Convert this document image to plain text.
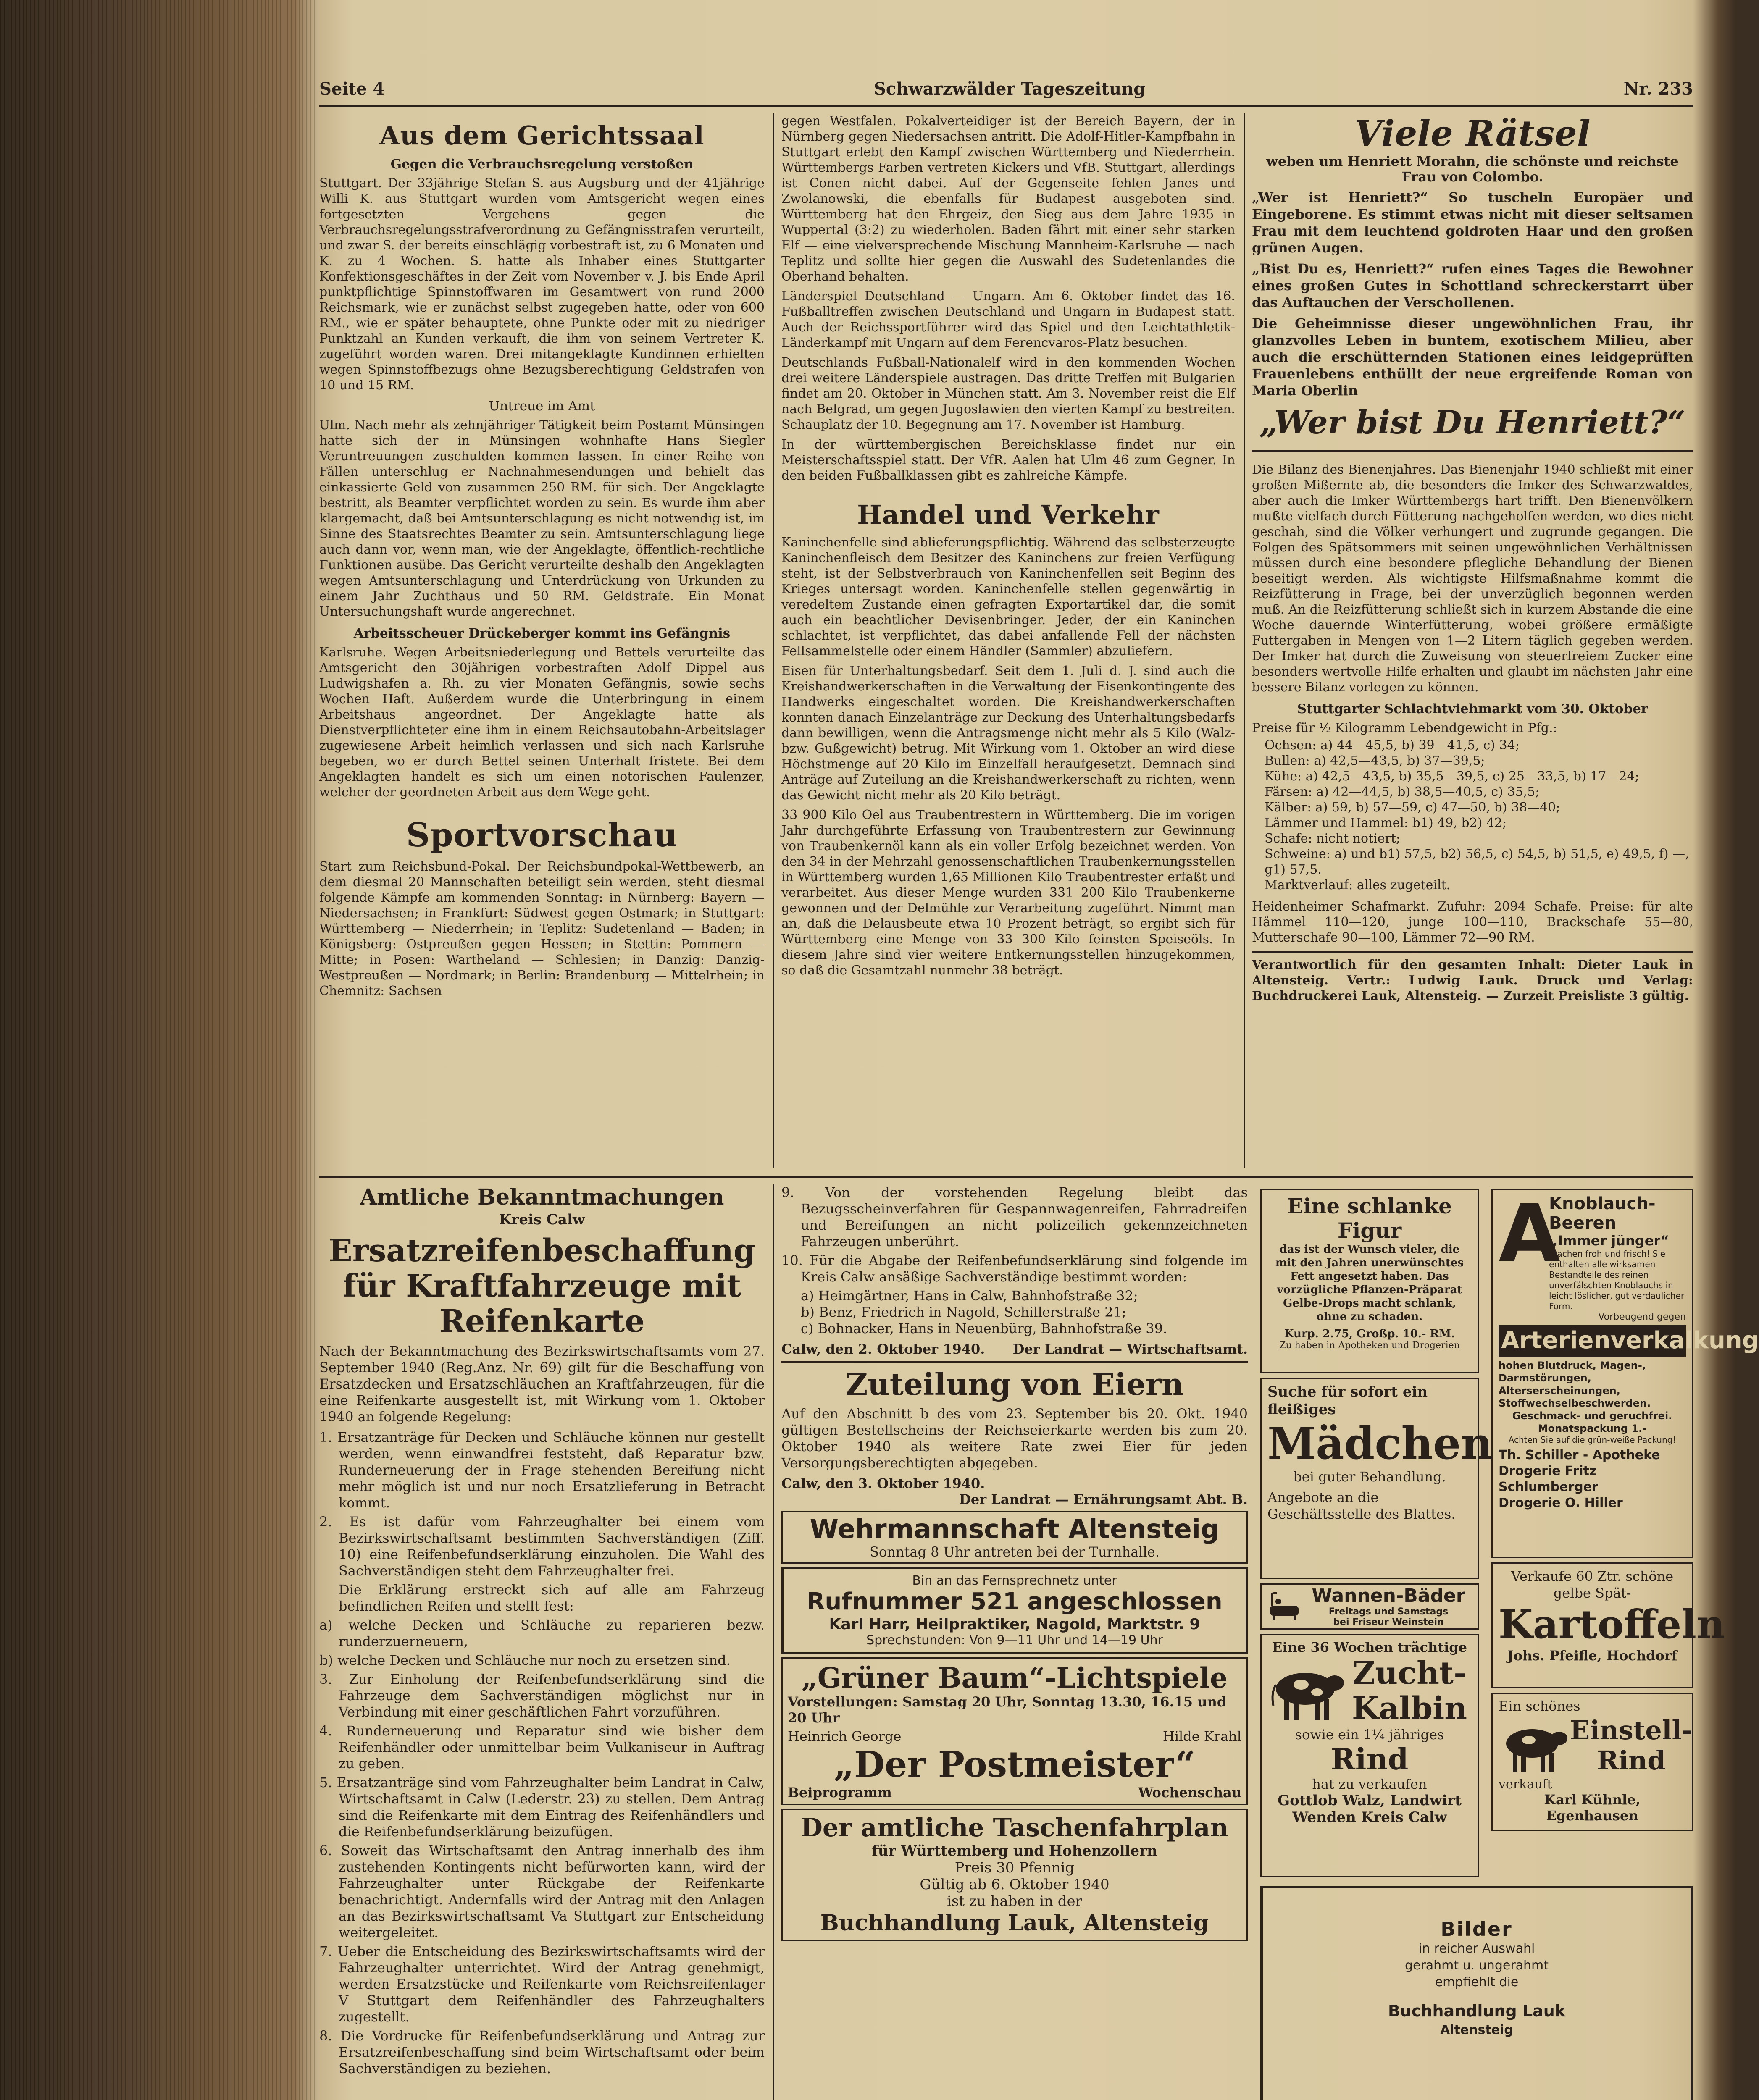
Seite 4	Schwarzwälder Tageszeitung	Nr. 233
Aus dem Gerichtssaal
Gegen die Verbrauchsregelung verstoßen

Stuttgart. Der 33jährige Stefan S. aus Augsburg und der 41jährige Willi K. aus Stuttgart wurden vom Amtsgericht wegen eines fortgesetzten Vergehens gegen die Verbrauchsregelungsstrafverordnung zu Gefängnisstrafen verurteilt, und zwar S. der bereits einschlägig vorbestraft ist, zu 6 Monaten und K. zu 4 Wochen. S. hatte als Inhaber eines Stuttgarter Konfektionsgeschäftes in der Zeit vom November v. J. bis Ende April punktpflichtige Spinnstoffwaren im Gesamtwert von rund 2000 Reichsmark, wie er zunächst selbst zugegeben hatte, oder von 600 RM., wie er später behauptete, ohne Punkte oder mit zu niedriger Punktzahl an Kunden verkauft, die ihm von seinem Vertreter K. zugeführt worden waren. Drei mitangeklagte Kundinnen erhielten wegen Spinnstoffbezugs ohne Bezugsberechtigung Geldstrafen von 10 und 15 RM.

Untreue im Amt

Ulm. Nach mehr als zehnjähriger Tätigkeit beim Postamt Münsingen hatte sich der in Münsingen wohnhafte Hans Siegler Veruntreuungen zuschulden kommen lassen. In einer Reihe von Fällen unterschlug er Nachnahmesendungen und behielt das einkassierte Geld von zusammen 250 RM. für sich. Der Angeklagte bestritt, als Beamter verpflichtet worden zu sein. Es wurde ihm aber klargemacht, daß bei Amtsunterschlagung es nicht notwendig ist, im Sinne des Staatsrechtes Beamter zu sein. Amtsunterschlagung liege auch dann vor, wenn man, wie der Angeklagte, öffentlich-rechtliche Funktionen ausübe. Das Gericht verurteilte deshalb den Angeklagten wegen Amtsunterschlagung und Unterdrückung von Urkunden zu einem Jahr Zuchthaus und 50 RM. Geldstrafe. Ein Monat Untersuchungshaft wurde angerechnet.

Arbeitsscheuer Drückeberger kommt ins Gefängnis

Karlsruhe. Wegen Arbeitsniederlegung und Bettels verurteilte das Amtsgericht den 30jährigen vorbestraften Adolf Dippel aus Ludwigshafen a. Rh. zu vier Monaten Gefängnis, sowie sechs Wochen Haft. Außerdem wurde die Unterbringung in einem Arbeitshaus angeordnet. Der Angeklagte hatte als Dienstverpflichteter eine ihm in einem Reichsautobahn-Arbeitslager zugewiesene Arbeit heimlich verlassen und sich nach Karlsruhe begeben, wo er durch Bettel seinen Unterhalt fristete. Bei dem Angeklagten handelt es sich um einen notorischen Faulenzer, welcher der geordneten Arbeit aus dem Wege geht.

Sportvorschau

Start zum Reichsbund-Pokal. Der Reichsbundpokal-Wettbewerb, an dem diesmal 20 Mannschaften beteiligt sein werden, steht diesmal folgende Kämpfe am kommenden Sonntag: in Nürnberg: Bayern — Niedersachsen; in Frankfurt: Südwest gegen Ostmark; in Stuttgart: Württemberg — Niederrhein; in Teplitz: Sudetenland — Baden; in Königsberg: Ostpreußen gegen Hessen; in Stettin: Pommern — Mitte; in Posen: Wartheland — Schlesien; in Danzig: Danzig-Westpreußen — Nordmark; in Berlin: Brandenburg — Mittelrhein; in Chemnitz: Sachsen

gegen Westfalen. Pokalverteidiger ist der Bereich Bayern, der in Nürnberg gegen Niedersachsen antritt. Die Adolf-Hitler-Kampfbahn in Stuttgart erlebt den Kampf zwischen Württemberg und Niederrhein. Württembergs Farben vertreten Kickers und VfB. Stuttgart, allerdings ist Conen nicht dabei. Auf der Gegenseite fehlen Janes und Zwolanowski, die ebenfalls für Budapest ausgeboten sind. Württemberg hat den Ehrgeiz, den Sieg aus dem Jahre 1935 in Wuppertal (3:2) zu wiederholen. Baden fährt mit einer sehr starken Elf — eine vielversprechende Mischung Mannheim-Karlsruhe — nach Teplitz und sollte hier gegen die Auswahl des Sudetenlandes die Oberhand behalten.

Länderspiel Deutschland — Ungarn. Am 6. Oktober findet das 16. Fußballtreffen zwischen Deutschland und Ungarn in Budapest statt. Auch der Reichssportführer wird das Spiel und den Leichtathletik-Länderkampf mit Ungarn auf dem Ferencvaros-Platz besuchen.

Deutschlands Fußball-Nationalelf wird in den kommenden Wochen drei weitere Länderspiele austragen. Das dritte Treffen mit Bulgarien findet am 20. Oktober in München statt. Am 3. November reist die Elf nach Belgrad, um gegen Jugoslawien den vierten Kampf zu bestreiten. Schauplatz der 10. Begegnung am 17. November ist Hamburg.

In der württembergischen Bereichsklasse findet nur ein Meisterschaftsspiel statt. Der VfR. Aalen hat Ulm 46 zum Gegner. In den beiden Fußballklassen gibt es zahlreiche Kämpfe.

Handel und Verkehr

Kaninchenfelle sind ablieferungspflichtig. Während das selbsterzeugte Kaninchenfleisch dem Besitzer des Kaninchens zur freien Verfügung steht, ist der Selbstverbrauch von Kaninchenfellen seit Beginn des Krieges untersagt worden. Kaninchenfelle stellen gegenwärtig in veredeltem Zustande einen gefragten Exportartikel dar, die somit auch ein beachtlicher Devisenbringer. Jeder, der ein Kaninchen schlachtet, ist verpflichtet, das dabei anfallende Fell der nächsten Fellsammelstelle oder einem Händler (Sammler) abzuliefern.

Eisen für Unterhaltungsbedarf. Seit dem 1. Juli d. J. sind auch die Kreishandwerkerschaften in die Verwaltung der Eisenkontingente des Handwerks eingeschaltet worden. Die Kreishandwerkerschaften konnten danach Einzelanträge zur Deckung des Unterhaltungsbedarfs dann bewilligen, wenn die Antragsmenge nicht mehr als 5 Kilo (Walz- bzw. Gußgewicht) betrug. Mit Wirkung vom 1. Oktober an wird diese Höchstmenge auf 20 Kilo im Einzelfall heraufgesetzt. Demnach sind Anträge auf Zuteilung an die Kreishandwerkerschaft zu richten, wenn das Gewicht nicht mehr als 20 Kilo beträgt.

33 900 Kilo Oel aus Traubentrestern in Württemberg. Die im vorigen Jahr durchgeführte Erfassung von Traubentrestern zur Gewinnung von Traubenkernöl kann als ein voller Erfolg bezeichnet werden. Von den 34 in der Mehrzahl genossenschaftlichen Traubenkernungsstellen in Württemberg wurden 1,65 Millionen Kilo Traubentrester erfaßt und verarbeitet. Aus dieser Menge wurden 331 200 Kilo Traubenkerne gewonnen und der Delmühle zur Verarbeitung zugeführt. Nimmt man an, daß die Delausbeute etwa 10 Prozent beträgt, so ergibt sich für Württemberg eine Menge von 33 300 Kilo feinsten Speiseöls. In diesem Jahre sind vier weitere Entkernungsstellen hinzugekommen, so daß die Gesamtzahl nunmehr 38 beträgt.

Viele Rätsel

weben um Henriett Morahn, die schönste und reichste Frau von Colombo.

„Wer ist Henriett?“ So tuscheln Europäer und Eingeborene. Es stimmt etwas nicht mit dieser seltsamen Frau mit dem leuchtend goldroten Haar und den großen grünen Augen.

„Bist Du es, Henriett?“ rufen eines Tages die Bewohner eines großen Gutes in Schottland schreckerstarrt über das Auftauchen der Verschollenen.

Die Geheimnisse dieser ungewöhnlichen Frau, ihr glanzvolles Leben in buntem, exotischem Milieu, aber auch die erschütternden Stationen eines leidgeprüften Frauenlebens enthüllt der neue ergreifende Roman von Maria Oberlin

„Wer bist Du Henriett?“

Die Bilanz des Bienenjahres. Das Bienenjahr 1940 schließt mit einer großen Mißernte ab, die besonders die Imker des Schwarzwaldes, aber auch die Imker Württembergs hart trifft. Den Bienenvölkern mußte vielfach durch Fütterung nachgeholfen werden, wo dies nicht geschah, sind die Völker verhungert und zugrunde gegangen. Die Folgen des Spätsommers mit seinen ungewöhnlichen Verhältnissen müssen durch eine besondere pflegliche Behandlung der Bienen beseitigt werden. Als wichtigste Hilfsmaßnahme kommt die Reizfütterung in Frage, bei der unverzüglich begonnen werden muß. An die Reizfütterung schließt sich in kurzem Abstande die eine Woche dauernde Winterfütterung, wobei größere ermäßigte Futtergaben in Mengen von 1—2 Litern täglich gegeben werden. Der Imker hat durch die Zuweisung von steuerfreiem Zucker eine besonders wertvolle Hilfe erhalten und glaubt im nächsten Jahr eine bessere Bilanz vorlegen zu können.

Stuttgarter Schlachtviehmarkt vom 30. Oktober

Preise für ½ Kilogramm Lebendgewicht in Pfg.:

Ochsen: a) 44—45,5, b) 39—41,5, c) 34;
Bullen: a) 42,5—43,5, b) 37—39,5;
Kühe: a) 42,5—43,5, b) 35,5—39,5, c) 25—33,5, b) 17—24;
Färsen: a) 42—44,5, b) 38,5—40,5, c) 35,5;
Kälber: a) 59, b) 57—59, c) 47—50, b) 38—40;
Lämmer und Hammel: b1) 49, b2) 42;
Schafe: nicht notiert;
Schweine: a) und b1) 57,5, b2) 56,5, c) 54,5, b) 51,5, e) 49,5, f) —, g1) 57,5.
Marktverlauf: alles zugeteilt.

Heidenheimer Schafmarkt. Zufuhr: 2094 Schafe. Preise: für alte Hämmel 110—120, junge 100—110, Brackschafe 55—80, Mutterschafe 90—100, Lämmer 72—90 RM.

Verantwortlich für den gesamten Inhalt: Dieter Lauk in Altensteig. Vertr.: Ludwig Lauk. Druck und Verlag: Buchdruckerei Lauk, Altensteig. — Zurzeit Preisliste 3 gültig.

Amtliche Bekanntmachungen
Kreis Calw
Ersatzreifenbeschaffung für Kraftfahrzeuge mit Reifenkarte

Nach der Bekanntmachung des Bezirkswirtschaftsamts vom 27. September 1940 (Reg.Anz. Nr. 69) gilt für die Beschaffung von Ersatzdecken und Ersatzschläuchen an Kraftfahrzeugen, für die eine Reifenkarte ausgestellt ist, mit Wirkung vom 1. Oktober 1940 an folgende Regelung:

1. Ersatzanträge für Decken und Schläuche können nur gestellt werden, wenn einwandfrei feststeht, daß Reparatur bzw. Runderneuerung der in Frage stehenden Bereifung nicht mehr möglich ist und nur noch Ersatzlieferung in Betracht kommt.
2. Es ist dafür vom Fahrzeughalter bei einem vom Bezirkswirtschaftsamt bestimmten Sachverständigen (Ziff. 10) eine Reifenbefundserklärung einzuholen. Die Wahl des Sachverständigen steht dem Fahrzeughalter frei.
Die Erklärung erstreckt sich auf alle am Fahrzeug befindlichen Reifen und stellt fest:
a) welche Decken und Schläuche zu reparieren bezw. runderzuerneuern,
b) welche Decken und Schläuche nur noch zu ersetzen sind.
3. Zur Einholung der Reifenbefundserklärung sind die Fahrzeuge dem Sachverständigen möglichst nur in Verbindung mit einer geschäftlichen Fahrt vorzuführen.
4. Runderneuerung und Reparatur sind wie bisher dem Reifenhändler oder unmittelbar beim Vulkaniseur in Auftrag zu geben.
5. Ersatzanträge sind vom Fahrzeughalter beim Landrat in Calw, Wirtschaftsamt in Calw (Lederstr. 23) zu stellen. Dem Antrag sind die Reifenkarte mit dem Eintrag des Reifenhändlers und die Reifenbefundserklärung beizufügen.
6. Soweit das Wirtschaftsamt den Antrag innerhalb des ihm zustehenden Kontingents nicht befürworten kann, wird der Fahrzeughalter unter Rückgabe der Reifenkarte benachrichtigt. Andernfalls wird der Antrag mit den Anlagen an das Bezirkswirtschaftsamt Va Stuttgart zur Entscheidung weitergeleitet.
7. Ueber die Entscheidung des Bezirkswirtschaftsamts wird der Fahrzeughalter unterrichtet. Wird der Antrag genehmigt, werden Ersatzstücke und Reifenkarte vom Reichsreifenlager V Stuttgart dem Reifenhändler des Fahrzeughalters zugestellt.
8. Die Vordrucke für Reifenbefundserklärung und Antrag zur Ersatzreifenbeschaffung sind beim Wirtschaftsamt oder beim Sachverständigen zu beziehen.
9. Von der vorstehenden Regelung bleibt das Bezugsscheinverfahren für Gespannwagenreifen, Fahrradreifen und Bereifungen an nicht polizeilich gekennzeichneten Fahrzeugen unberührt.
10. Für die Abgabe der Reifenbefundserklärung sind folgende im Kreis Calw ansäßige Sachverständige bestimmt worden:
a) Heimgärtner, Hans in Calw, Bahnhofstraße 32;
b) Benz, Friedrich in Nagold, Schillerstraße 21;
c) Bohnacker, Hans in Neuenbürg, Bahnhofstraße 39.
Calw, den 2. Oktober 1940. Der Landrat — Wirtschaftsamt.
Zuteilung von Eiern

Auf den Abschnitt b des vom 23. September bis 20. Okt. 1940 gültigen Bestellscheins der Reichseierkarte werden bis zum 20. Oktober 1940 als weitere Rate zwei Eier für jeden Versorgungsberechtigten abgegeben.

Calw, den 3. Oktober 1940.
Der Landrat — Ernährungsamt Abt. B.
Wehrmannschaft Altensteig
Sonntag 8 Uhr antreten bei der Turnhalle.
Bin an das Fernsprechnetz unter
Rufnummer 521 angeschlossen
Karl Harr, Heilpraktiker, Nagold, Marktstr. 9
Sprechstunden: Von 9—11 Uhr und 14—19 Uhr
„Grüner Baum“-Lichtspiele
Vorstellungen: Samstag 20 Uhr, Sonntag 13.30, 16.15 und 20 Uhr
Heinrich George	Hilde Krahl
„Der Postmeister“
Beiprogramm	Wochenschau
Der amtliche Taschenfahrplan
für Württemberg und Hohenzollern
Preis 30 Pfennig
Gültig ab 6. Oktober 1940
ist zu haben in der
Buchhandlung Lauk, Altensteig
Eine schlanke Figur

das ist der Wunsch vieler, die mit den Jahren unerwünschtes Fett angesetzt haben. Das vorzügliche Pflanzen-Präparat Gelbe-Drops macht schlank, ohne zu schaden.

Kurp. 2.75, Großp. 10.- RM.
Zu haben in Apotheken und Drogerien
Suche für sofort ein fleißiges
Mädchen
bei guter Behandlung.
Angebote an die Geschäftsstelle des Blattes.
Wannen-Bäder
Freitags und Samstags
bei Friseur Weinstein
Eine 36 Wochen trächtige
Zucht-
Kalbin
sowie ein 1¼ jähriges
Rind
hat zu verkaufen
Gottlob Walz, Landwirt
Wenden Kreis Calw
A
Knoblauch-Beeren
„Immer jünger“
machen froh und frisch! Sie enthalten alle wirksamen Bestandteile des reinen unverfälschten Knoblauchs in leicht löslicher, gut verdaulicher Form.
Vorbeugend gegen
Arterienverkalkung
hohen Blutdruck, Magen-, Darmstörungen, Alterserscheinungen, Stoffwechselbeschwerden.
Geschmack- und geruchfrei. Monatspackung 1.-
Achten Sie auf die grün-weiße Packung!
Th. Schiller - Apotheke
Drogerie Fritz Schlumberger
Drogerie O. Hiller
Verkaufe 60 Ztr. schöne gelbe Spät-
Kartoffeln
Johs. Pfeifle, Hochdorf
Ein schönes
Einstell-
Rind
verkauft
Karl Kühnle, Egenhausen
Bilder
in reicher Auswahl
gerahmt u. ungerahmt
empfiehlt die
Buchhandlung Lauk
Altensteig
